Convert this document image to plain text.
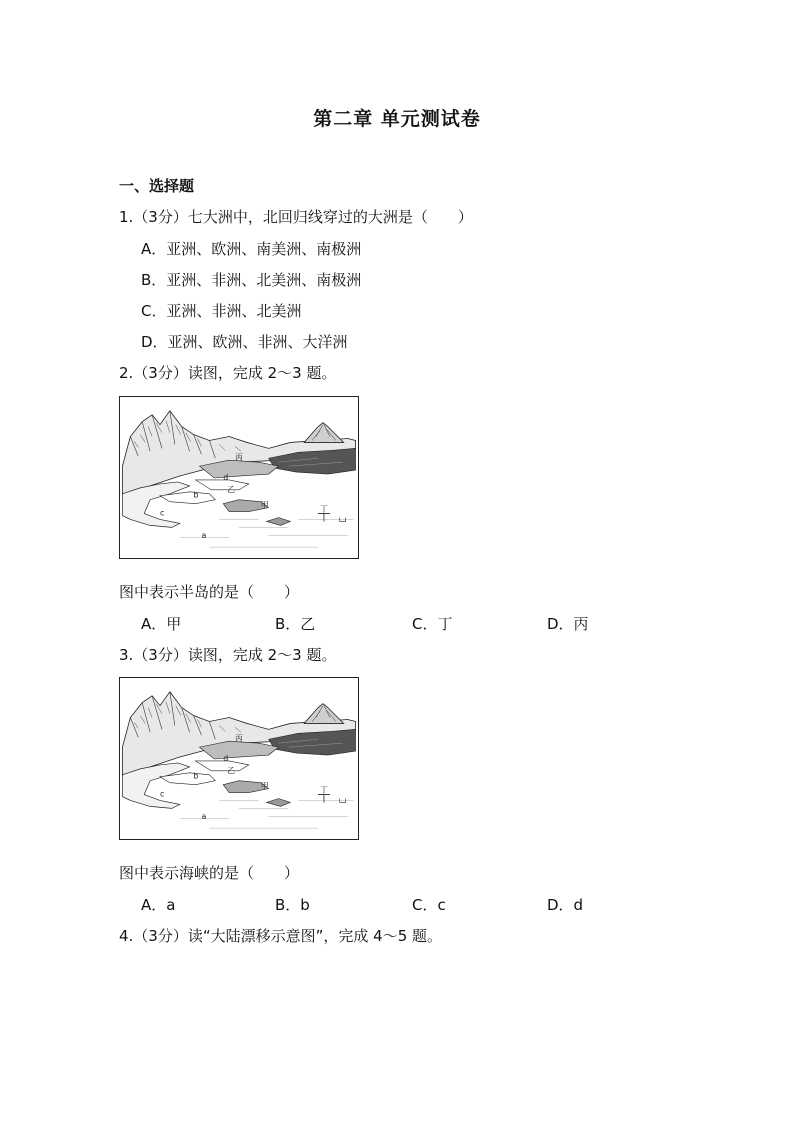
第二章 单元测试卷
一、选择题
1.（3分）七大洲中，北回归线穿过的大洲是（　　）
A．亚洲、欧洲、南美洲、南极洲
B．亚洲、非洲、北美洲、南极洲
C．亚洲、非洲、北美洲
D．亚洲、欧洲、非洲、大洋洲
2.（3分）读图，完成 2～3 题。
丙
乙
d
b
甲
c	丁
a
图中表示半岛的是（　　）
A．甲	B．乙	C．丁	D．丙
3.（3分）读图，完成 2～3 题。
丙
乙
d
b
甲
c	丁
a
图中表示海峡的是（　　）
A．a	B．b	C．c	D．d
4.（3分）读“大陆漂移示意图”，完成 4～5 题。
